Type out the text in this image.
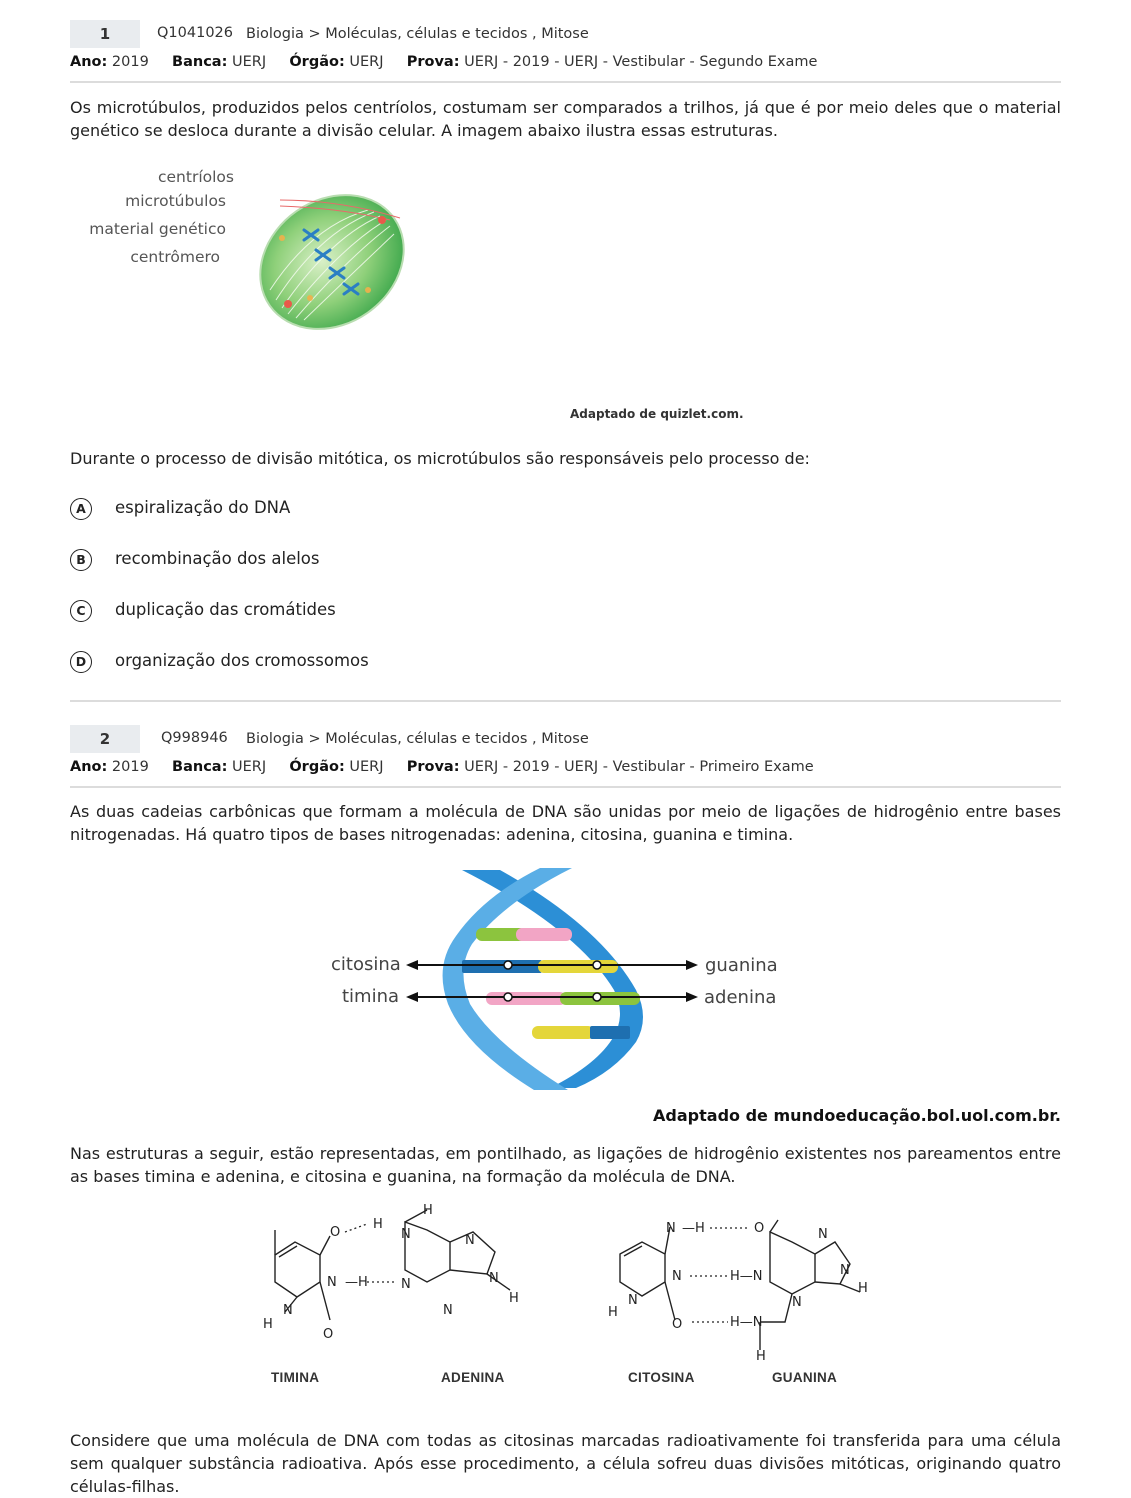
1	Q1041026 Biologia > Moléculas, células e tecidos , Mitose
Ano: 2019 Banca: UERJ Órgão: UERJ Prova: UERJ - 2019 - UERJ - Vestibular - Segundo Exame
Os microtúbulos, produzidos pelos centríolos, costumam ser comparados a trilhos, já que é por meio deles que o material genético se desloca durante a divisão celular. A imagem abaixo ilustra essas estruturas.
centríolos
microtúbulos
material genético
centrômero
Adaptado de quizlet.com.
Durante o processo de divisão mitótica, os microtúbulos são responsáveis pelo processo de:
A	espiralização do DNA
B	recombinação dos alelos
C	duplicação das cromátides
D	organização dos cromossomos
2	Q998946 Biologia > Moléculas, células e tecidos , Mitose
Ano: 2019 Banca: UERJ Órgão: UERJ Prova: UERJ - 2019 - UERJ - Vestibular - Primeiro Exame
As duas cadeias carbônicas que formam a molécula de DNA são unidas por meio de ligações de hidrogênio entre bases nitrogenadas. Há quatro tipos de bases nitrogenadas: adenina, citosina, guanina e timina.
citosina
timina
guanina
adenina
Adaptado de mundoeducação.bol.uol.com.br.
Nas estruturas a seguir, estão representadas, em pontilhado, as ligações de hidrogênio existentes nos pareamentos entre as bases timina e adenina, e citosina e guanina, na formação da molécula de DNA.
O
H
N
H
N —H	N
O
H
N
N
N
H
N
N —H	O
N	H—N
N
H
N
O	H—N
H
N
N
H
TIMINA	ADENINA	CITOSINA	GUANINA
Considere que uma molécula de DNA com todas as citosinas marcadas radioativamente foi transferida para uma célula sem qualquer substância radioativa. Após esse procedimento, a célula sofreu duas divisões mitóticas, originando quatro células-filhas.
